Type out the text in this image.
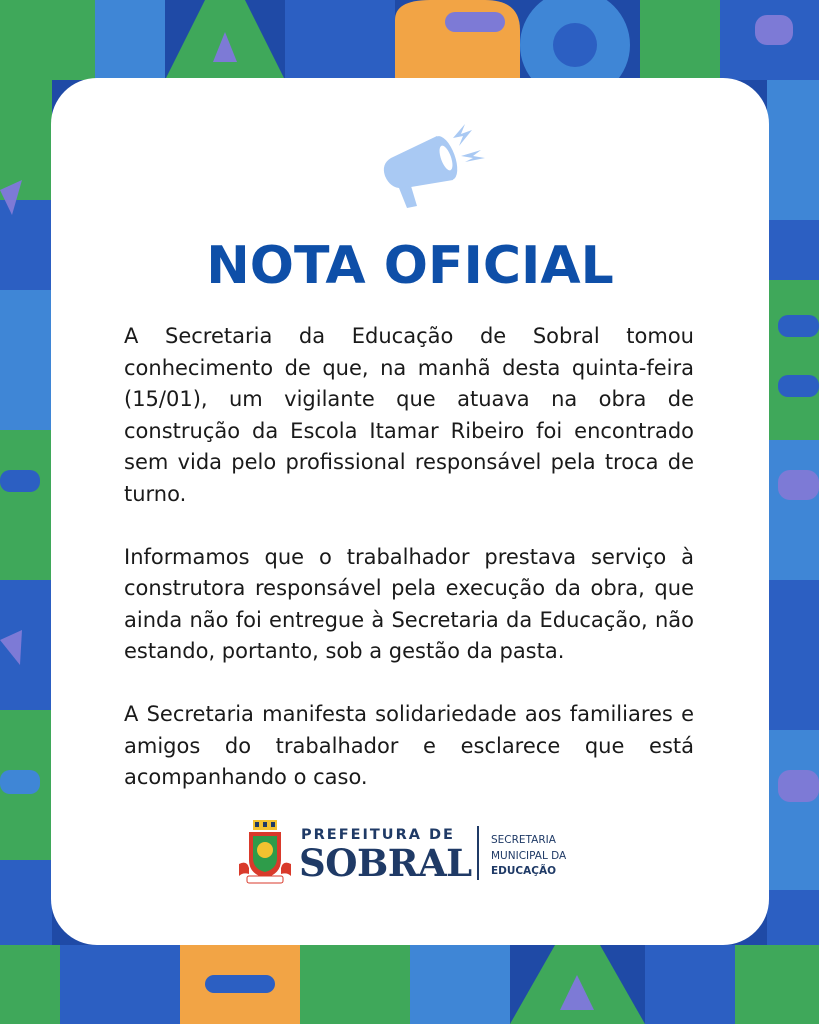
NOTA OFICIAL

A Secretaria da Educação de Sobral tomou conhecimento de que, na manhã desta quinta-feira (15/01), um vigilante que atuava na obra de construção da Escola Itamar Ribeiro foi encontrado sem vida pelo profissional responsável pela troca de turno.

Informamos que o trabalhador prestava serviço à construtora responsável pela execução da obra, que ainda não foi entregue à Secretaria da Educação, não estando, portanto, sob a gestão da pasta.

A Secretaria manifesta solidariedade aos familiares e amigos do trabalhador e esclarece que está acompanhando o caso.

PREFEITURA DE
SOBRAL
SECRETARIA
MUNICIPAL DA
EDUCAÇÃO
